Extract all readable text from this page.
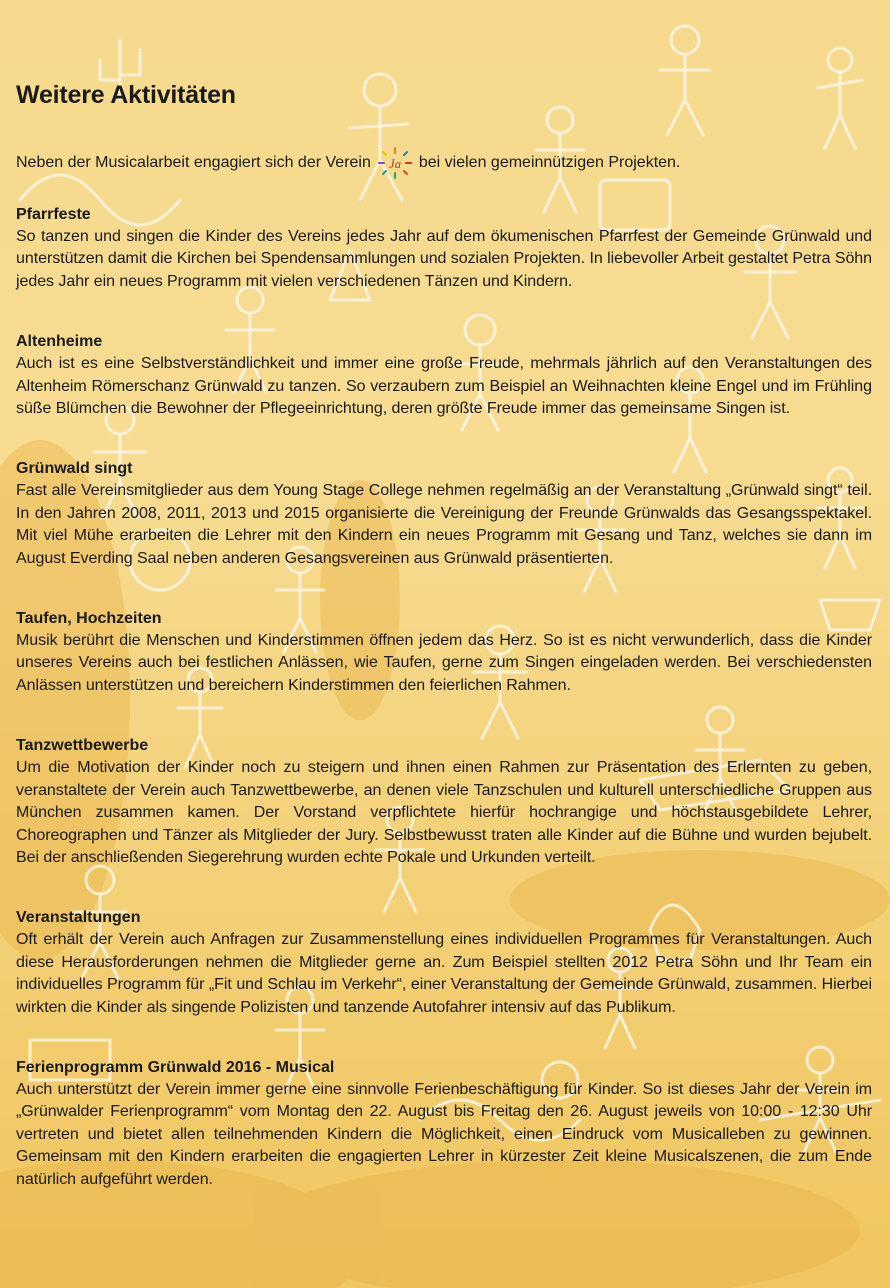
Weitere Aktivitäten
Neben der Musicalarbeit engagiert sich der Verein Ja bei vielen gemeinnützigen Projekten.
Pfarrfeste

So tanzen und singen die Kinder des Vereins jedes Jahr auf dem ökumenischen Pfarrfest der Gemeinde Grünwald und unterstützen damit die Kirchen bei Spendensammlungen und sozialen Projekten. In liebevoller Arbeit gestaltet Petra Söhn jedes Jahr ein neues Programm mit vielen verschiedenen Tänzen und Kindern.

Altenheime

Auch ist es eine Selbstverständlichkeit und immer eine große Freude, mehrmals jährlich auf den Veranstaltungen des Altenheim Römerschanz Grünwald zu tanzen. So verzaubern zum Beispiel an Weihnachten kleine Engel und im Frühling süße Blümchen die Bewohner der Pflegeeinrichtung, deren größte Freude immer das gemeinsame Singen ist.

Grünwald singt

Fast alle Vereinsmitglieder aus dem Young Stage College nehmen regelmäßig an der Veranstaltung „Grünwald singt“ teil. In den Jahren 2008, 2011, 2013 und 2015 organisierte die Vereinigung der Freunde Grünwalds das Gesangsspektakel. Mit viel Mühe erarbeiten die Lehrer mit den Kindern ein neues Programm mit Gesang und Tanz, welches sie dann im August Everding Saal neben anderen Gesangsvereinen aus Grünwald präsentierten.

Taufen, Hochzeiten

Musik berührt die Menschen und Kinderstimmen öffnen jedem das Herz. So ist es nicht verwunderlich, dass die Kinder unseres Vereins auch bei festlichen Anlässen, wie Taufen, gerne zum Singen eingeladen werden. Bei verschiedensten Anlässen unterstützen und bereichern Kinderstimmen den feierlichen Rahmen.

Tanzwettbewerbe

Um die Motivation der Kinder noch zu steigern und ihnen einen Rahmen zur Präsentation des Erlernten zu geben, veranstaltete der Verein auch Tanzwettbewerbe, an denen viele Tanzschulen und kulturell unterschiedliche Gruppen aus München zusammen kamen. Der Vorstand verpflichtete hierfür hochrangige und höchstausgebildete Lehrer, Choreographen und Tänzer als Mitglieder der Jury. Selbstbewusst traten alle Kinder auf die Bühne und wurden bejubelt. Bei der anschließenden Siegerehrung wurden echte Pokale und Urkunden verteilt.

Veranstaltungen

Oft erhält der Verein auch Anfragen zur Zusammenstellung eines individuellen Programmes für Veranstaltungen. Auch diese Herausforderungen nehmen die Mitglieder gerne an. Zum Beispiel stellten 2012 Petra Söhn und Ihr Team ein individuelles Programm für „Fit und Schlau im Verkehr“, einer Veranstaltung der Gemeinde Grünwald, zusammen. Hierbei wirkten die Kinder als singende Polizisten und tanzende Autofahrer intensiv auf das Publikum.

Ferienprogramm Grünwald 2016 - Musical

Auch unterstützt der Verein immer gerne eine sinnvolle Ferienbeschäftigung für Kinder. So ist dieses Jahr der Verein im „Grünwalder Ferienprogramm“ vom Montag den 22. August bis Freitag den 26. August jeweils von 10:00 - 12:30 Uhr vertreten und bietet allen teilnehmenden Kindern die Möglichkeit, einen Eindruck vom Musicalleben zu gewinnen. Gemeinsam mit den Kindern erarbeiten die engagierten Lehrer in kürzester Zeit kleine Musicalszenen, die zum Ende natürlich aufgeführt werden.
